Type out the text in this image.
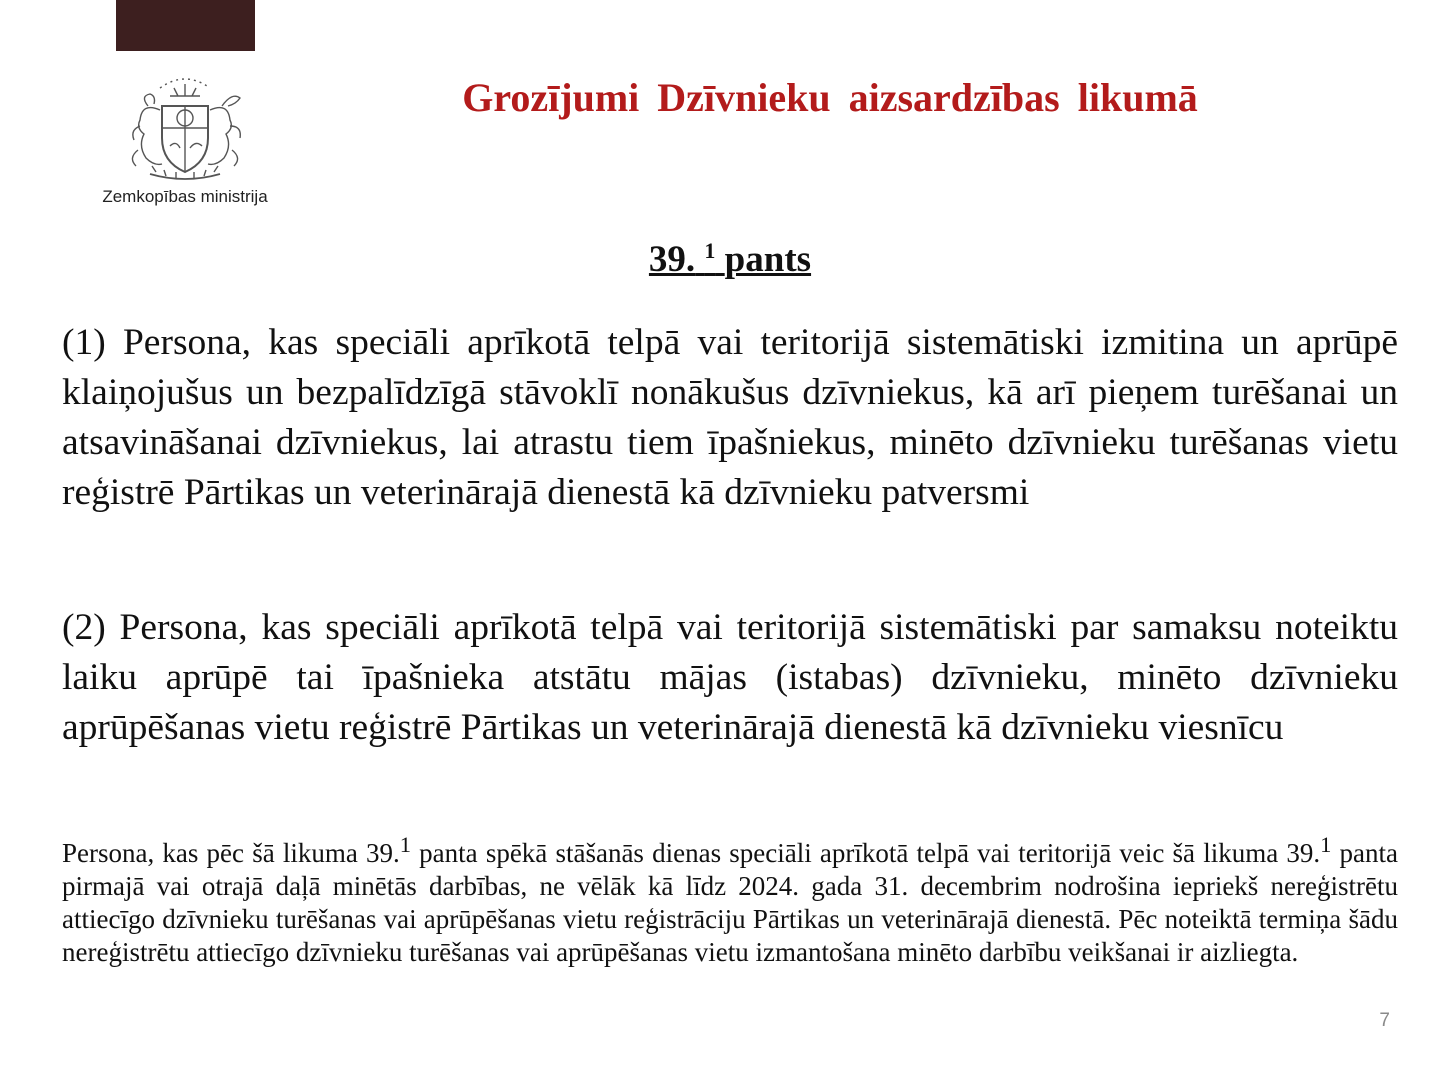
Zemkopības ministrija
Grozījumi Dzīvnieku aizsardzības likumā
39. $^1$ pants

(1) Persona, kas speciāli aprīkotā telpā vai teritorijā sistemātiski izmitina un aprūpē klaiņojušus un bezpalīdzīgā stāvoklī nonākušus dzīvniekus, kā arī pieņem turēšanai un atsavināšanai dzīvniekus, lai atrastu tiem īpašniekus, minēto dzīvnieku turēšanas vietu reģistrē Pārtikas un veterinārajā dienestā kā dzīvnieku patversmi

(2) Persona, kas speciāli aprīkotā telpā vai teritorijā sistemātiski par samaksu noteiktu laiku aprūpē tai īpašnieka atstātu mājas (istabas) dzīvnieku, minēto dzīvnieku aprūpēšanas vietu reģistrē Pārtikas un veterinārajā dienestā kā dzīvnieku viesnīcu

Persona, kas pēc šā likuma 39.$^1$ panta spēkā stāšanās dienas speciāli aprīkotā telpā vai teritorijā veic šā likuma 39.$^1$ panta pirmajā vai otrajā daļā minētās darbības, ne vēlāk kā līdz 2024. gada 31. decembrim nodrošina iepriekš nereģistrētu attiecīgo dzīvnieku turēšanas vai aprūpēšanas vietu reģistrāciju Pārtikas un veterinārajā dienestā. Pēc noteiktā termiņa šādu nereģistrētu attiecīgo dzīvnieku turēšanas vai aprūpēšanas vietu izmantošana minēto darbību veikšanai ir aizliegta.

7
